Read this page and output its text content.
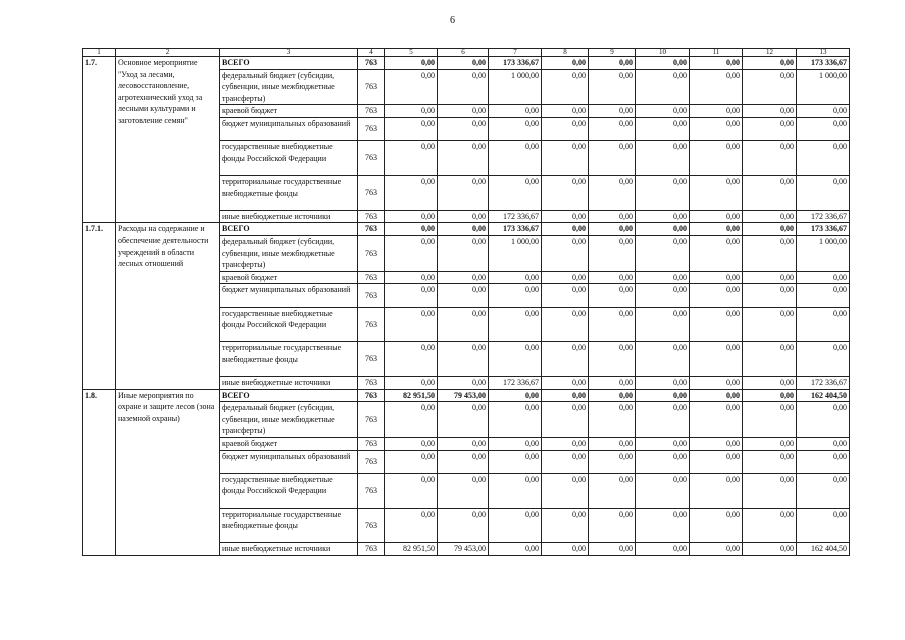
6
1	2	3	4	5	6	7	8	9	10	11	12	13
1.7.	Основное мероприятие "Уход за лесами, лесовосстановление, агротехнический уход за лесными культурами и заготовление семян"	ВСЕГО	763	0,00	0,00	173 336,67	0,00	0,00	0,00	0,00	0,00	173 336,67
		федеральный бюджет (субсидии, субвенции, иные межбюджетные трансферты)	763	0,00	0,00	1 000,00	0,00	0,00	0,00	0,00	0,00	1 000,00
		краевой бюджет	763	0,00	0,00	0,00	0,00	0,00	0,00	0,00	0,00	0,00
		бюджет муниципальных образований	763	0,00	0,00	0,00	0,00	0,00	0,00	0,00	0,00	0,00
		государственные внебюджетные фонды Российской Федерации	763	0,00	0,00	0,00	0,00	0,00	0,00	0,00	0,00	0,00
		территориальные государственные внебюджетные фонды	763	0,00	0,00	0,00	0,00	0,00	0,00	0,00	0,00	0,00
		иные внебюджетные источники	763	0,00	0,00	172 336,67	0,00	0,00	0,00	0,00	0,00	172 336,67
1.7.1.	Расходы на содержание и обеспечение деятельности учреждений в области лесных отношений	ВСЕГО	763	0,00	0,00	173 336,67	0,00	0,00	0,00	0,00	0,00	173 336,67
		федеральный бюджет (субсидии, субвенции, иные межбюджетные трансферты)	763	0,00	0,00	1 000,00	0,00	0,00	0,00	0,00	0,00	1 000,00
		краевой бюджет	763	0,00	0,00	0,00	0,00	0,00	0,00	0,00	0,00	0,00
		бюджет муниципальных образований	763	0,00	0,00	0,00	0,00	0,00	0,00	0,00	0,00	0,00
		государственные внебюджетные фонды Российской Федерации	763	0,00	0,00	0,00	0,00	0,00	0,00	0,00	0,00	0,00
		территориальные государственные внебюджетные фонды	763	0,00	0,00	0,00	0,00	0,00	0,00	0,00	0,00	0,00
		иные внебюджетные источники	763	0,00	0,00	172 336,67	0,00	0,00	0,00	0,00	0,00	172 336,67
1.8.	Иные мероприятия по охране и защите лесов (зона наземной охраны)	ВСЕГО	763	82 951,50	79 453,00	0,00	0,00	0,00	0,00	0,00	0,00	162 404,50
		федеральный бюджет (субсидии, субвенции, иные межбюджетные трансферты)	763	0,00	0,00	0,00	0,00	0,00	0,00	0,00	0,00	0,00
		краевой бюджет	763	0,00	0,00	0,00	0,00	0,00	0,00	0,00	0,00	0,00
		бюджет муниципальных образований	763	0,00	0,00	0,00	0,00	0,00	0,00	0,00	0,00	0,00
		государственные внебюджетные фонды Российской Федерации	763	0,00	0,00	0,00	0,00	0,00	0,00	0,00	0,00	0,00
		территориальные государственные внебюджетные фонды	763	0,00	0,00	0,00	0,00	0,00	0,00	0,00	0,00	0,00
		иные внебюджетные источники	763	82 951,50	79 453,00	0,00	0,00	0,00	0,00	0,00	0,00	162 404,50
